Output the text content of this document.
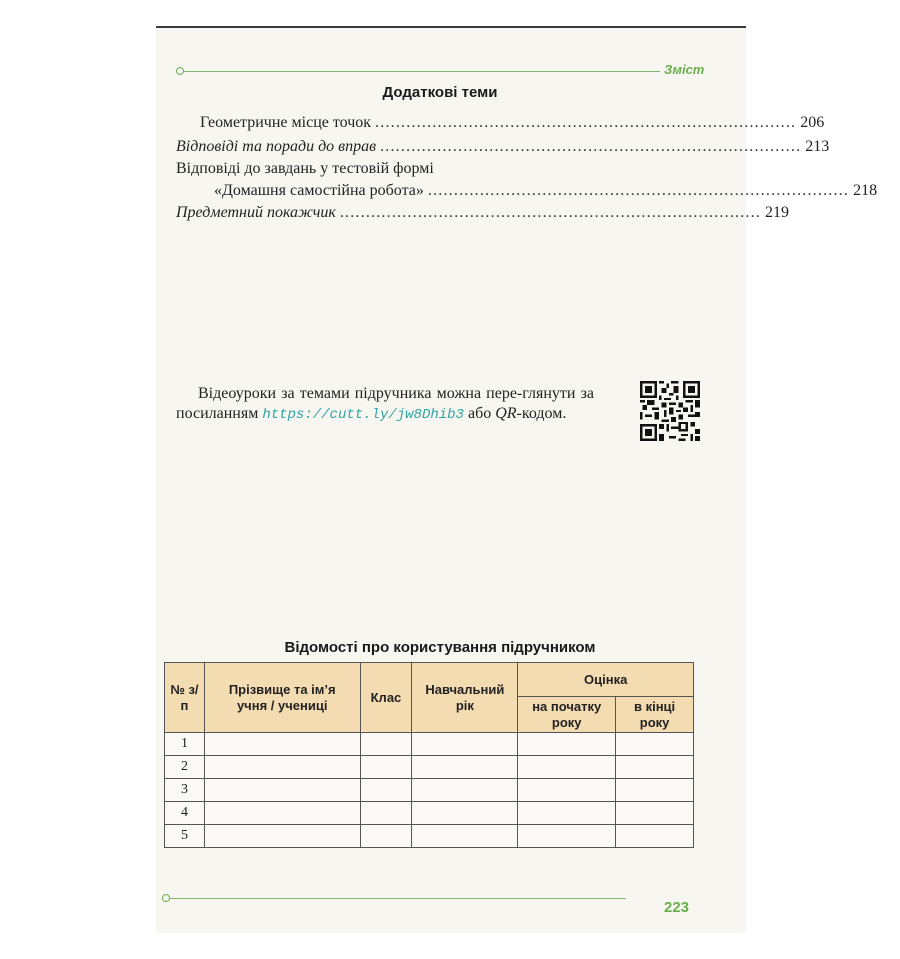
Зміст
Додаткові теми
Геометричне місце точок ................................................................................. 206
Відповіді та поради до вправ ................................................................................. 213
Відповіді до завдань у тестовій формі
«Домашня самостійна робота» ................................................................................. 218
Предметний покажчик ................................................................................. 219
Відеоуроки за темами підручника можна пере-глянути за посиланням https://cutt.ly/jw8Dhib3 або QR-кодом.
Відомості про користування підручником
№ з/п	Прізвище та ім’я учня / учениці	Клас	Навчальний рік	Оцінка	
				на початку року	в кінці року
1					
2					
3					
4					
5					
223
